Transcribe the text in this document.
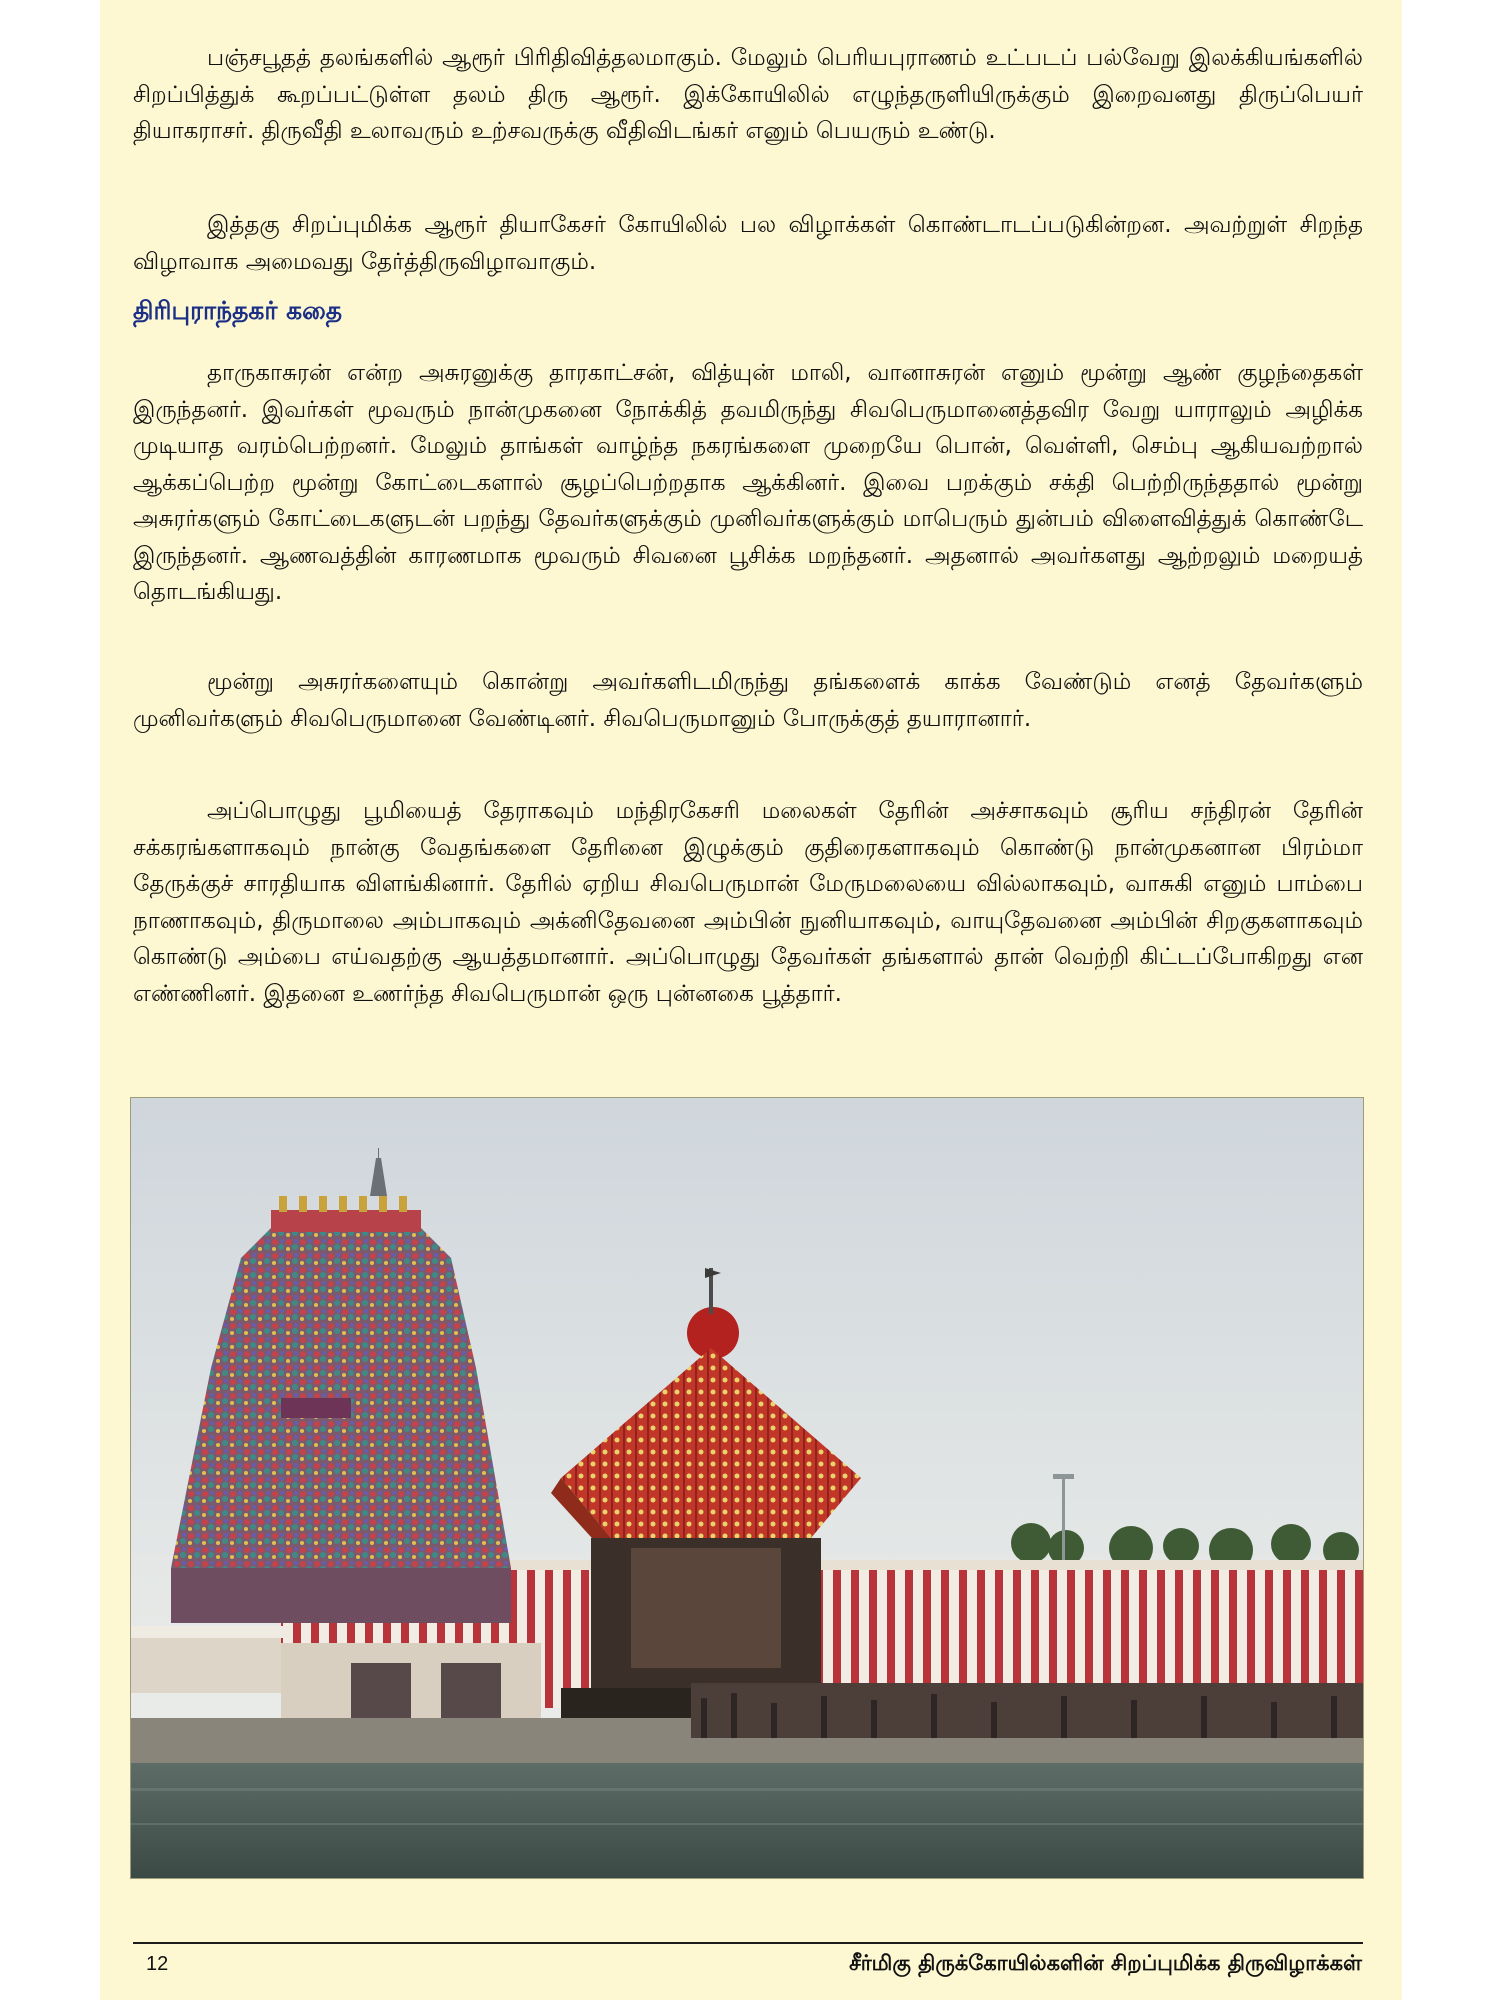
பஞ்சபூதத் தலங்களில் ஆரூர் பிரிதிவித்தலமாகும். மேலும் பெரியபுராணம் உட்படப் பல்வேறு இலக்கியங்களில் சிறப்பித்துக் கூறப்பட்டுள்ள தலம் திரு ஆரூர். இக்கோயிலில் எழுந்தருளியிருக்கும் இறைவனது திருப்பெயர் தியாகராசர். திருவீதி உலாவரும் உற்சவருக்கு வீதிவிடங்கர் எனும் பெயரும் உண்டு.

இத்தகு சிறப்புமிக்க ஆரூர் தியாகேசர் கோயிலில் பல விழாக்கள் கொண்டாடப்படுகின்றன. அவற்றுள் சிறந்த விழாவாக அமைவது தேர்த்திருவிழாவாகும்.

திரிபுராந்தகர் கதை

தாருகாசுரன் என்ற அசுரனுக்கு தாரகாட்சன், வித்யுன் மாலி, வானாசுரன் எனும் மூன்று ஆண் குழந்தைகள் இருந்தனர். இவர்கள் மூவரும் நான்முகனை நோக்கித் தவமிருந்து சிவபெருமானைத்தவிர வேறு யாராலும் அழிக்க முடியாத வரம்பெற்றனர். மேலும் தாங்கள் வாழ்ந்த நகரங்களை முறையே பொன், வெள்ளி, செம்பு ஆகியவற்றால் ஆக்கப்பெற்ற மூன்று கோட்டைகளால் சூழப்பெற்றதாக ஆக்கினர். இவை பறக்கும் சக்தி பெற்றிருந்ததால் மூன்று அசுரர்களும் கோட்டைகளுடன் பறந்து தேவர்களுக்கும் முனிவர்களுக்கும் மாபெரும் துன்பம் விளைவித்துக் கொண்டே இருந்தனர். ஆணவத்தின் காரணமாக மூவரும் சிவனை பூசிக்க மறந்தனர். அதனால் அவர்களது ஆற்றலும் மறையத் தொடங்கியது.

மூன்று அசுரர்களையும் கொன்று அவர்களிடமிருந்து தங்களைக் காக்க வேண்டும் எனத் தேவர்களும் முனிவர்களும் சிவபெருமானை வேண்டினர். சிவபெருமானும் போருக்குத் தயாரானார்.

அப்பொழுது பூமியைத் தேராகவும் மந்திரகேசரி மலைகள் தேரின் அச்சாகவும் சூரிய சந்திரன் தேரின் சக்கரங்களாகவும் நான்கு வேதங்களை தேரினை இழுக்கும் குதிரைகளாகவும் கொண்டு நான்முகனான பிரம்மா தேருக்குச் சாரதியாக விளங்கினார். தேரில் ஏறிய சிவபெருமான் மேருமலையை வில்லாகவும், வாசுகி எனும் பாம்பை நாணாகவும், திருமாலை அம்பாகவும் அக்னிதேவனை அம்பின் நுனியாகவும், வாயுதேவனை அம்பின் சிறகுகளாகவும் கொண்டு அம்பை எய்வதற்கு ஆயத்தமானார். அப்பொழுது தேவர்கள் தங்களால் தான் வெற்றி கிட்டப்போகிறது என எண்ணினர். இதனை உணர்ந்த சிவபெருமான் ஒரு புன்னகை பூத்தார்.

12	சீர்மிகு திருக்கோயில்களின் சிறப்புமிக்க திருவிழாக்கள்
